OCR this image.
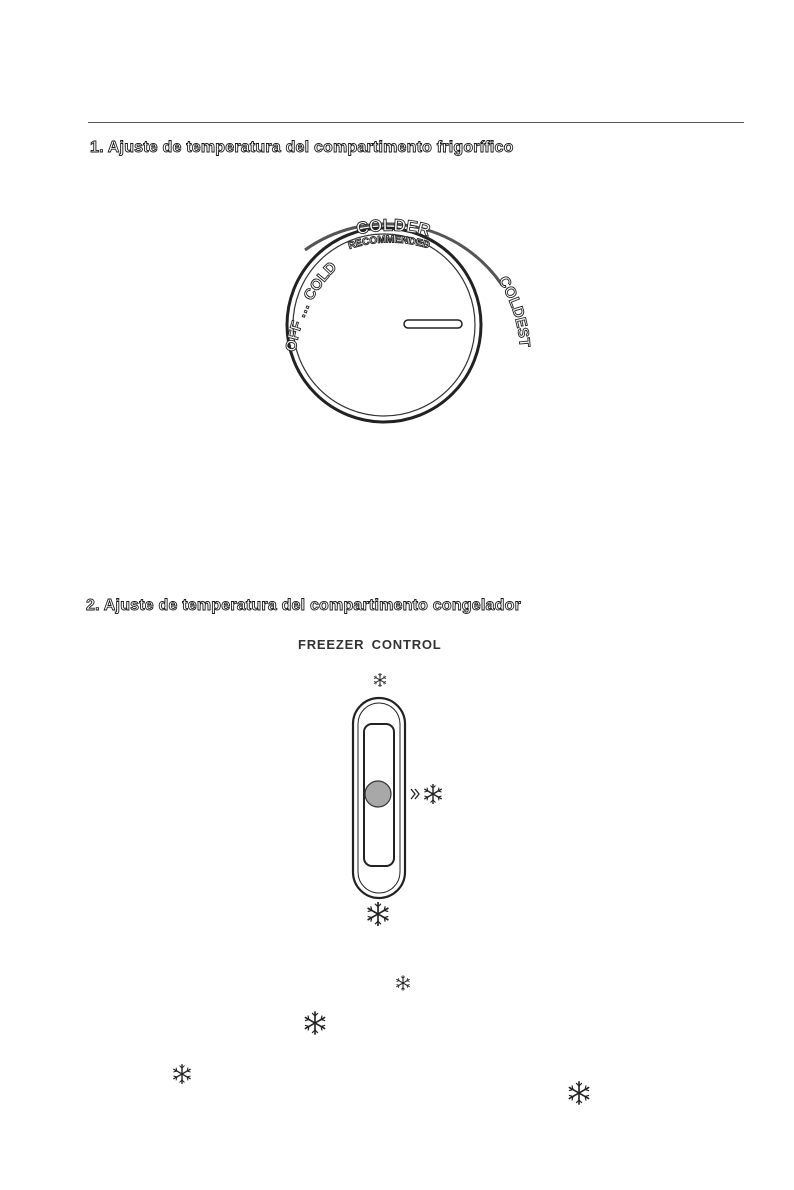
1. Ajuste de temperatura del compartimento frigorífico
OFF … COLD
COLDER
RECOMMENDED
COLDEST
2. Ajuste de temperatura del compartimento congelador
FREEZER CONTROL
